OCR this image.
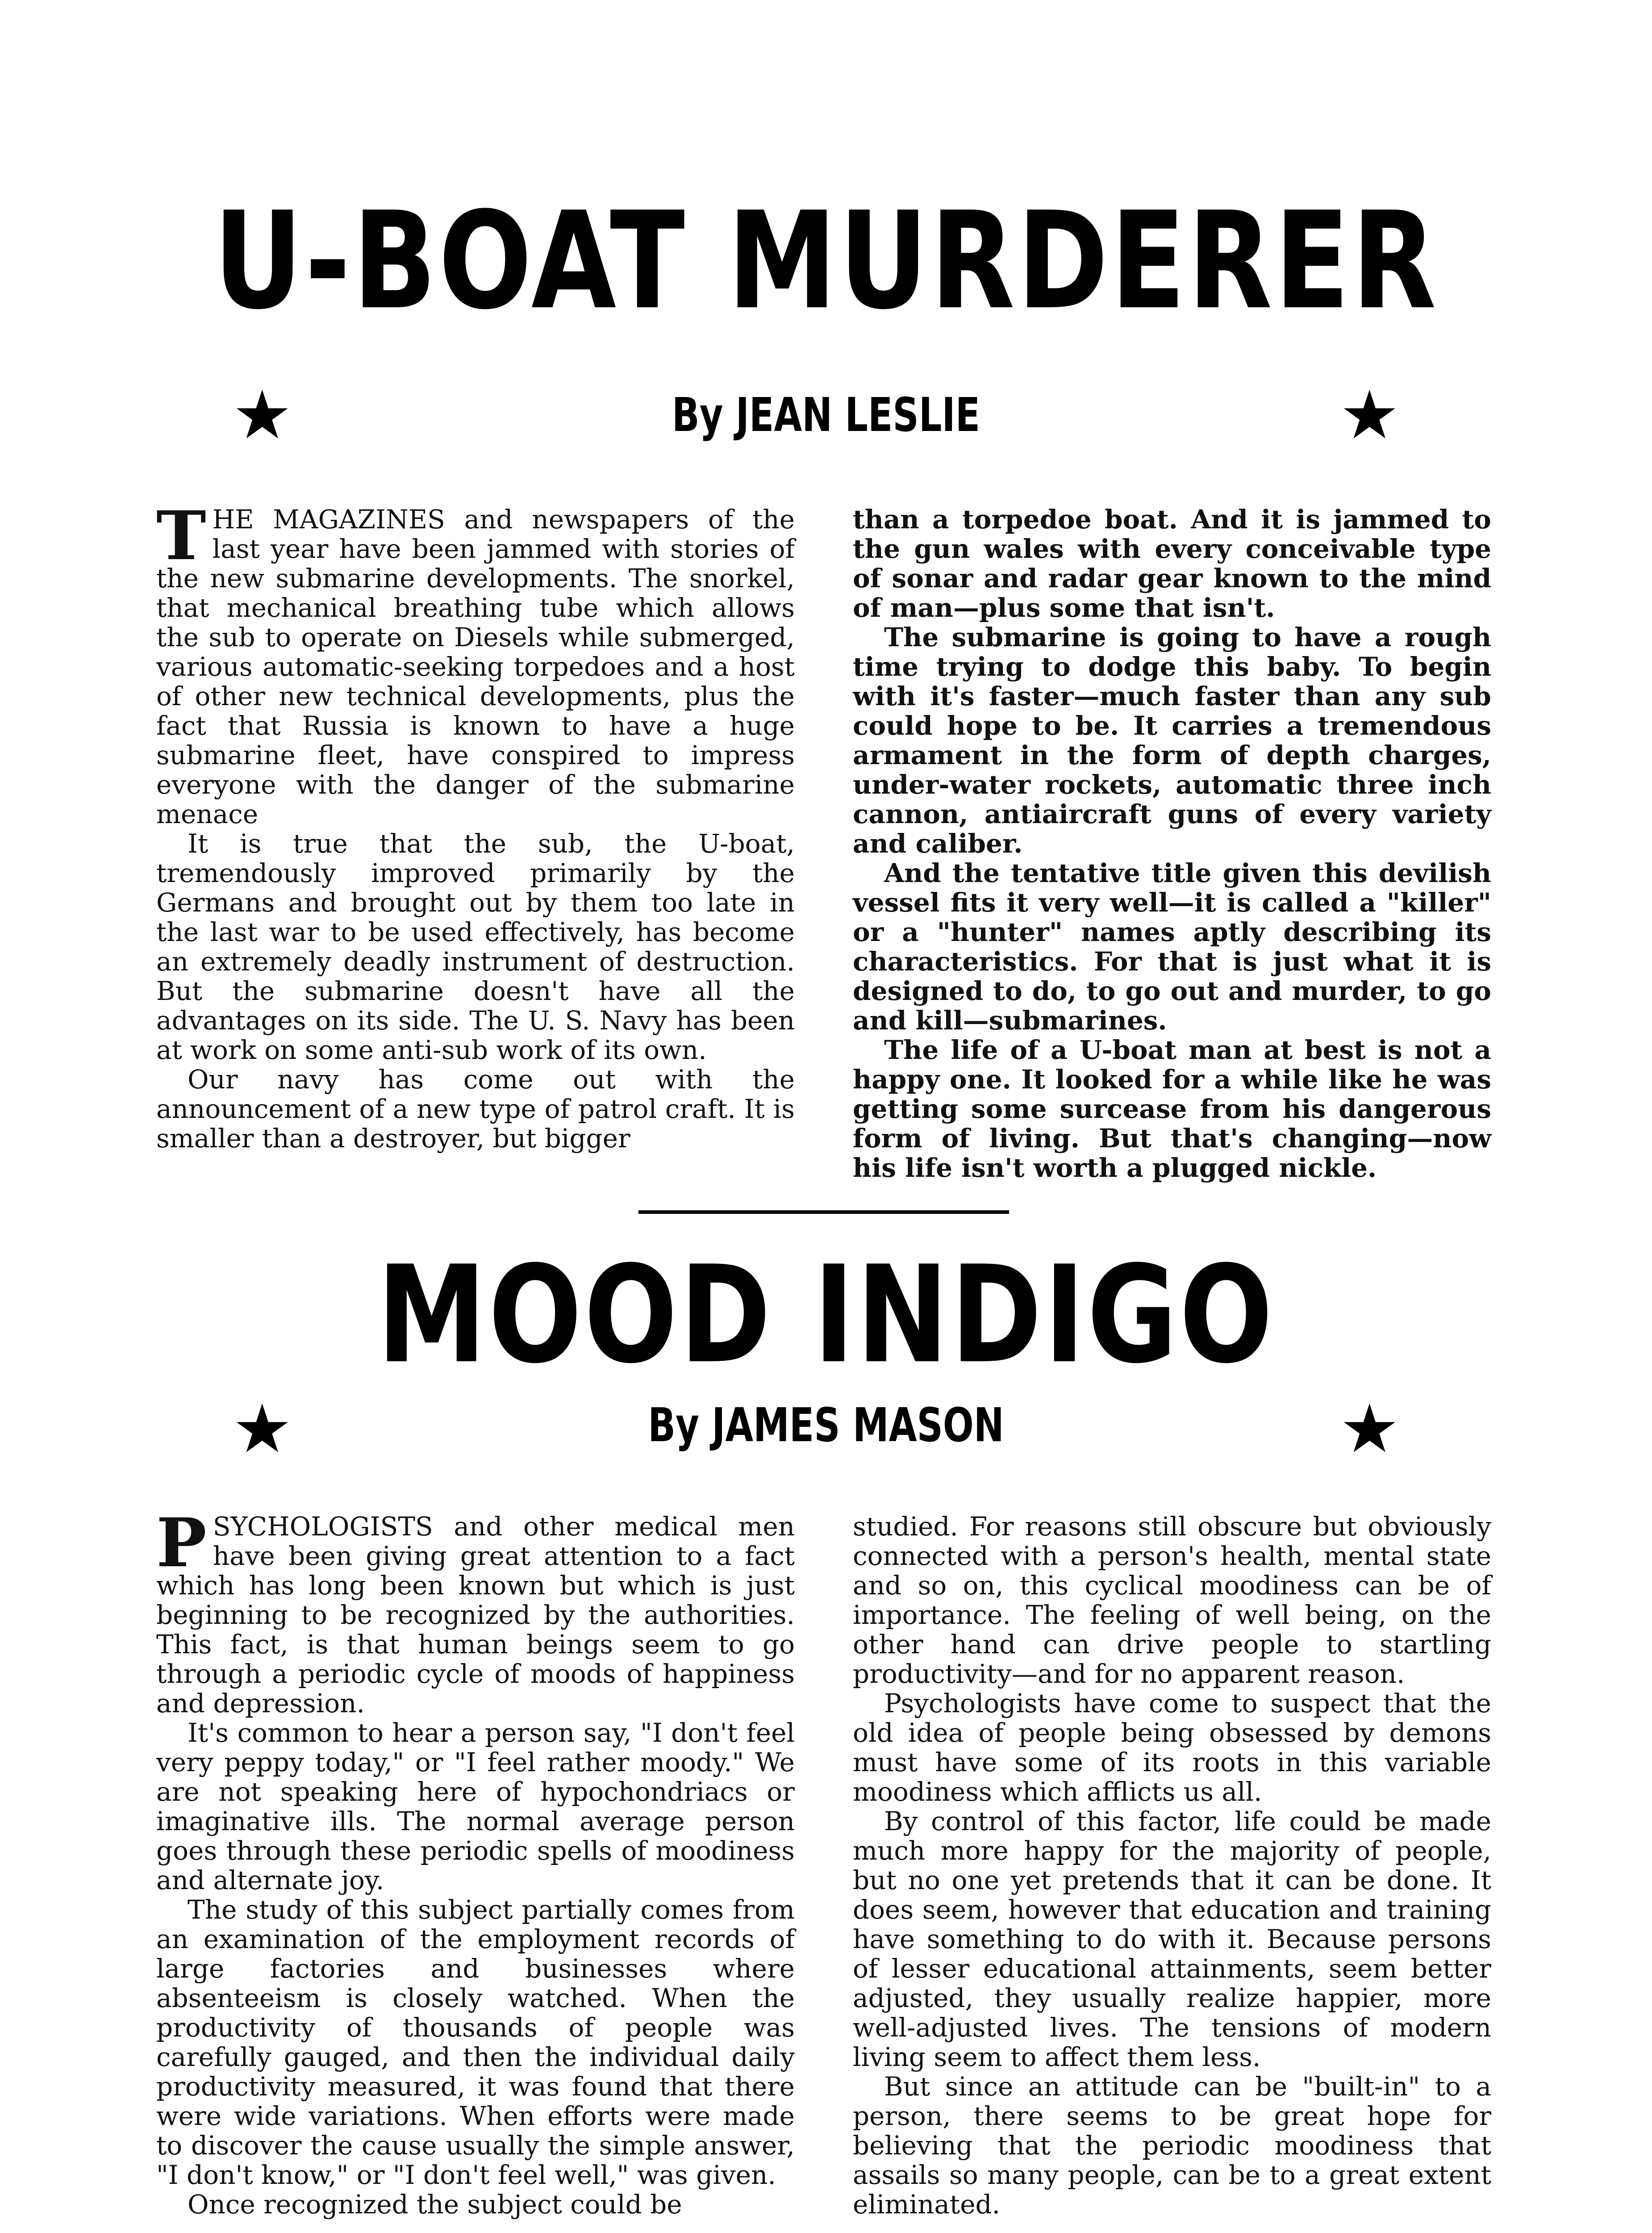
U-BOAT MURDERER
★	By JEAN LESLIE	★

THE MAGAZINES and newspapers of the last year have been jammed with stories of the new submarine developments. The snorkel, that mechanical breathing tube which allows the sub to operate on Diesels while submerged, various automatic-seeking torpedoes and a host of other new technical developments, plus the fact that Russia is known to have a huge submarine fleet, have conspired to impress everyone with the danger of the submarine menace

It is true that the sub, the U-boat, tremendously improved primarily by the Germans and brought out by them too late in the last war to be used effectively, has become an extremely deadly instrument of destruction. But the submarine doesn't have all the advantages on its side. The U. S. Navy has been at work on some anti-sub work of its own.

Our navy has come out with the announcement of a new type of patrol craft. It is smaller than a destroyer, but bigger

than a torpedoe boat. And it is jammed to the gun wales with every conceivable type of sonar and radar gear known to the mind of man—plus some that isn't.

The submarine is going to have a rough time trying to dodge this baby. To begin with it's faster—much faster than any sub could hope to be. It carries a tremendous armament in the form of depth charges, under-water rockets, automatic three inch cannon, antiaircraft guns of every variety and caliber.

And the tentative title given this devilish vessel fits it very well—it is called a "killer" or a "hunter" names aptly describing its characteristics. For that is just what it is designed to do, to go out and murder, to go and kill—submarines.

The life of a U-boat man at best is not a happy one. It looked for a while like he was getting some surcease from his dangerous form of living. But that's changing—now his life isn't worth a plugged nickle.

MOOD INDIGO
★	By JAMES MASON	★

PSYCHOLOGISTS and other medical men have been giving great attention to a fact which has long been known but which is just beginning to be recognized by the authorities. This fact, is that human beings seem to go through a periodic cycle of moods of happiness and depression.

It's common to hear a person say, "I don't feel very peppy today," or "I feel rather moody." We are not speaking here of hypochondriacs or imaginative ills. The normal average person goes through these periodic spells of moodiness and alternate joy.

The study of this subject partially comes from an examination of the employment records of large factories and businesses where absenteeism is closely watched. When the productivity of thousands of people was carefully gauged, and then the individual daily productivity measured, it was found that there were wide variations. When efforts were made to discover the cause usually the simple answer, "I don't know," or "I don't feel well," was given.

Once recognized the subject could be

studied. For reasons still obscure but obviously connected with a person's health, mental state and so on, this cyclical moodiness can be of importance. The feeling of well being, on the other hand can drive people to startling productivity—and for no apparent reason.

Psychologists have come to suspect that the old idea of people being obsessed by demons must have some of its roots in this variable moodiness which afflicts us all.

By control of this factor, life could be made much more happy for the majority of people, but no one yet pretends that it can be done. It does seem, however that education and training have something to do with it. Because persons of lesser educational attainments, seem better adjusted, they usually realize happier, more well-adjusted lives. The tensions of modern living seem to affect them less.

But since an attitude can be "built-in" to a person, there seems to be great hope for believing that the periodic moodiness that assails so many people, can be to a great extent eliminated.
